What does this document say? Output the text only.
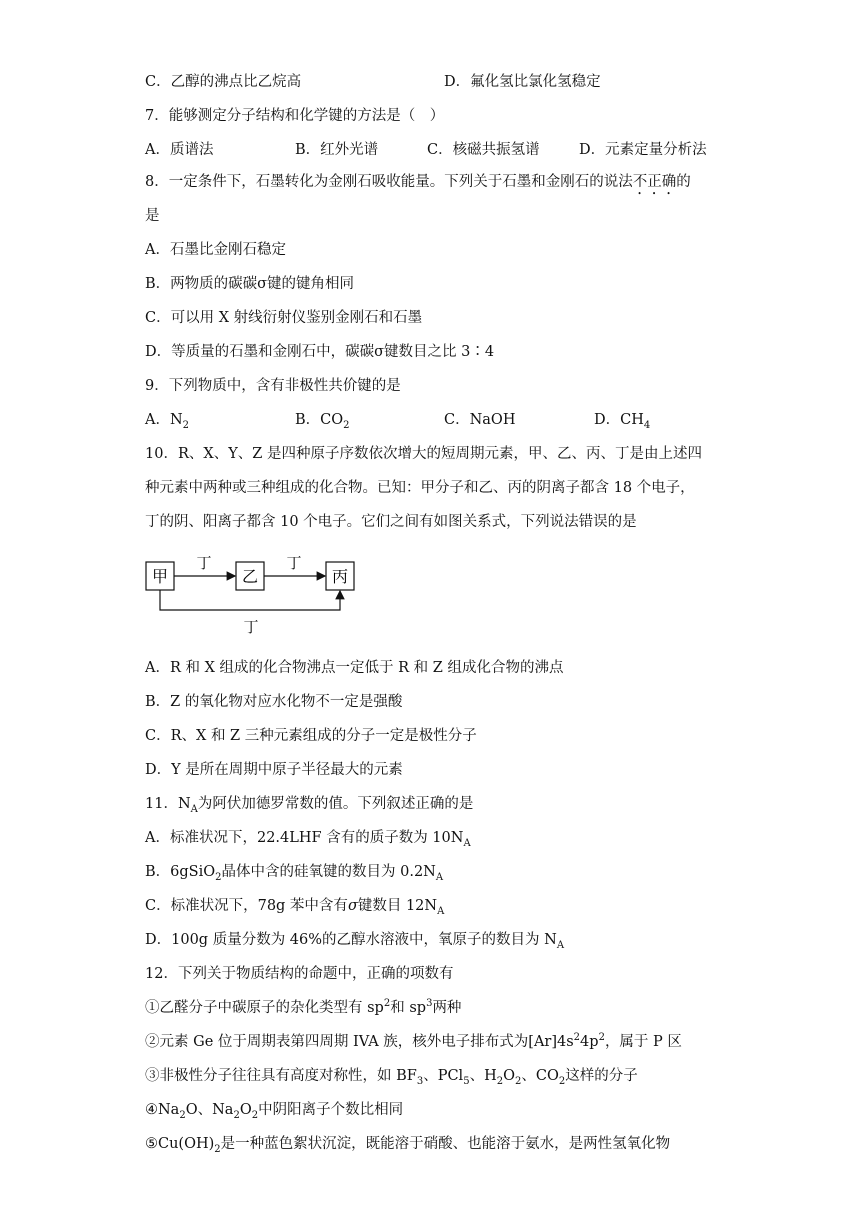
C．乙醇的沸点比乙烷高	D．氟化氢比氯化氢稳定
7．能够测定分子结构和化学键的方法是（　）
A．质谱法	B．红外光谱	C．核磁共振氢谱	D．元素定量分析法
8．一定条件下，石墨转化为金刚石吸收能量。下列关于石墨和金刚石的说法不正确的
是
A．石墨比金刚石稳定
B．两物质的碳碳σ键的键角相同
C．可以用 X 射线衍射仪鉴别金刚石和石墨
D．等质量的石墨和金刚石中，碳碳σ键数目之比 3∶4
9．下列物质中，含有非极性共价键的是
A．$N_2$	B．$CO_2$	C．NaOH	D．$CH_4$
10．R、X、Y、Z 是四种原子序数依次增大的短周期元素，甲、乙、丙、丁是由上述四
种元素中两种或三种组成的化合物。已知：甲分子和乙、丙的阴离子都含 18 个电子，
丁的阴、阳离子都含 10 个电子。它们之间有如图关系式，下列说法错误的是
甲	乙	丙
丁	丁
丁
A．R 和 X 组成的化合物沸点一定低于 R 和 Z 组成化合物的沸点
B．Z 的氧化物对应水化物不一定是强酸
C．R、X 和 Z 三种元素组成的分子一定是极性分子
D．Y 是所在周期中原子半径最大的元素
11．$N_A$为阿伏加德罗常数的值。下列叙述正确的是
A．标准状况下，22.4LHF 含有的质子数为 $10N_A$
B．6gSiO$_2$晶体中含的硅氧键的数目为 $0.2N_A$
C．标准状况下，78g 苯中含有σ键数目 $12N_A$
D．100g 质量分数为 46%的乙醇水溶液中，氧原子的数目为 $N_A$
12．下列关于物质结构的命题中，正确的项数有
①乙醛分子中碳原子的杂化类型有 $sp^2$和 $sp^3$两种
②元素 Ge 位于周期表第四周期 IVA 族，核外电子排布式为$[Ar]4s^24p^2$，属于 P 区
③非极性分子往往具有高度对称性，如 $BF_3$、PCl$_5$、$H_2O_2$、$CO_2$这样的分子
$④Na_2O$、$Na_2O_2$中阴阳离子个数比相同
$⑤Cu(OH)_2$是一种蓝色絮状沉淀，既能溶于硝酸、也能溶于氨水，是两性氢氧化物
